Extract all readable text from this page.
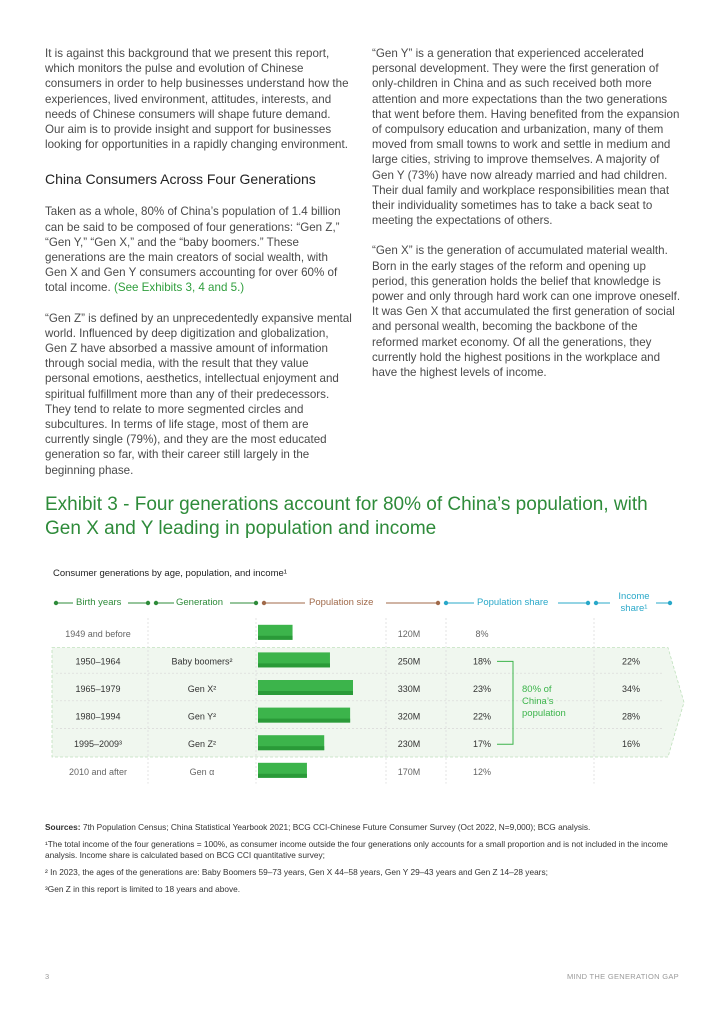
It is against this background that we present this report, which monitors the pulse and evolution of Chinese consumers in order to help businesses understand how the experiences, lived environment, attitudes, interests, and needs of Chinese consumers will shape future demand. Our aim is to provide insight and support for businesses looking for opportunities in a rapidly changing environment.

China Consumers Across Four Generations

Taken as a whole, 80% of China’s population of 1.4 billion can be said to be composed of four generations: “Gen Z,” “Gen Y,” “Gen X,” and the “baby boomers.” These generations are the main creators of social wealth, with Gen X and Gen Y consumers accounting for over 60% of total income. (See Exhibits 3, 4 and 5.)

“Gen Z” is defined by an unprecedentedly expansive mental world. Influenced by deep digitization and globalization, Gen Z have absorbed a massive amount of information through social media, with the result that they value personal emotions, aesthetics, intellectual enjoyment and spiritual fulfillment more than any of their predecessors. They tend to relate to more segmented circles and subcultures. In terms of life stage, most of them are currently single (79%), and they are the most educated generation so far, with their career still largely in the beginning phase.

“Gen Y” is a generation that experienced accelerated personal development. They were the first generation of only-children in China and as such received both more attention and more expectations than the two generations that went before them. Having benefited from the expansion of compulsory education and urbanization, many of them moved from small towns to work and settle in medium and large cities, striving to improve themselves. A majority of Gen Y (73%) have now already married and had children. Their dual family and workplace responsibilities mean that their individuality sometimes has to take a back seat to meeting the expectations of others.

“Gen X” is the generation of accumulated material wealth. Born in the early stages of the reform and opening up period, this generation holds the belief that knowledge is power and only through hard work can one improve oneself. It was Gen X that accumulated the first generation of social and personal wealth, becoming the backbone of the reformed market economy. Of all the generations, they currently hold the highest positions in the workplace and have the highest levels of income.

Exhibit 3 - Four generations account for 80% of China’s population, with Gen X and Y leading in population and income
Consumer generations by age, population, and income¹
Birth years	Generation	Population size	Population share
Income
share¹
1949 and before	120M	8%
1950–1964	Baby boomers²	250M	18%	22%
1965–1979	Gen X²	330M	23%	34%
1980–1994	Gen Y²	320M	22%	28%
1995–2009³	Gen Z²	230M	17%	16%
2010 and after	Gen α	170M	12%
80% of
China’s
population

Sources: 7th Population Census; China Statistical Yearbook 2021; BCG CCI-Chinese Future Consumer Survey (Oct 2022, N=9,000); BCG analysis.

¹The total income of the four generations = 100%, as consumer income outside the four generations only accounts for a small proportion and is not included in the income analysis. Income share is calculated based on BCG CCI quantitative survey;

² In 2023, the ages of the generations are: Baby Boomers 59–73 years, Gen X 44–58 years, Gen Y 29–43 years and Gen Z 14–28 years;

³Gen Z in this report is limited to 18 years and above.

3	MIND THE GENERATION GAP
